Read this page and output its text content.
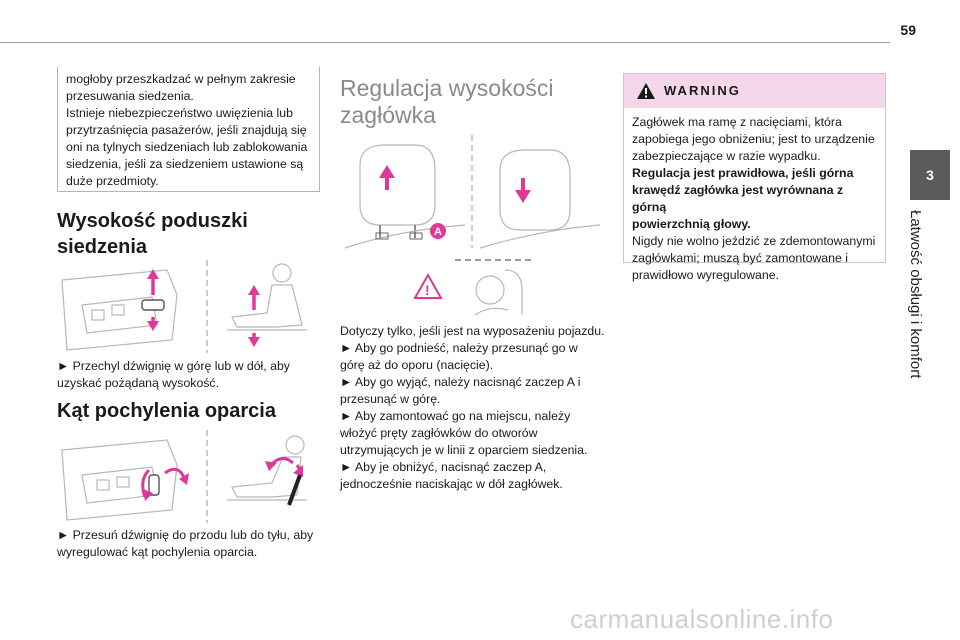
59
3
Łatwość obsługi i komfort
mogłoby przeszkadzać w pełnym zakresie
przesuwania siedzenia.
Istnieje niebezpieczeństwo uwięzienia lub
przytrzaśnięcia pasażerów, jeśli znajdują się
oni na tylnych siedzeniach lub zablokowania
siedzenia, jeśli za siedzeniem ustawione są
duże przedmioty.
Wysokość poduszki
siedzenia
► Przechyl dźwignię w górę lub w dół, aby
uzyskać pożądaną wysokość.
Kąt pochylenia oparcia
► Przesuń dźwignię do przodu lub do tyłu, aby
wyregulować kąt pochylenia oparcia.
Regulacja wysokości
zagłówka
A
!
Dotyczy tylko, jeśli jest na wyposażeniu pojazdu.
► Aby go podnieść, należy przesunąć go w
górę aż do oporu (nacięcie).
► Aby go wyjąć, należy nacisnąć zaczep A i
przesunąć w górę.
► Aby zamontować go na miejscu, należy
włożyć pręty zagłówków do otworów
utrzymujących je w linii z oparciem siedzenia.
► Aby je obniżyć, nacisnąć zaczep A,
jednocześnie naciskając w dół zagłówek.
WARNING
Zagłówek ma ramę z nacięciami, która
zapobiega jego obniżeniu; jest to urządzenie
zabezpieczające w razie wypadku.
Regulacja jest prawidłowa, jeśli górna
krawędź zagłówka jest wyrównana z górną
powierzchnią głowy.
Nigdy nie wolno jeździć ze zdemontowanymi
zagłówkami; muszą być zamontowane i
prawidłowo wyregulowane.
carmanualsonline.info
